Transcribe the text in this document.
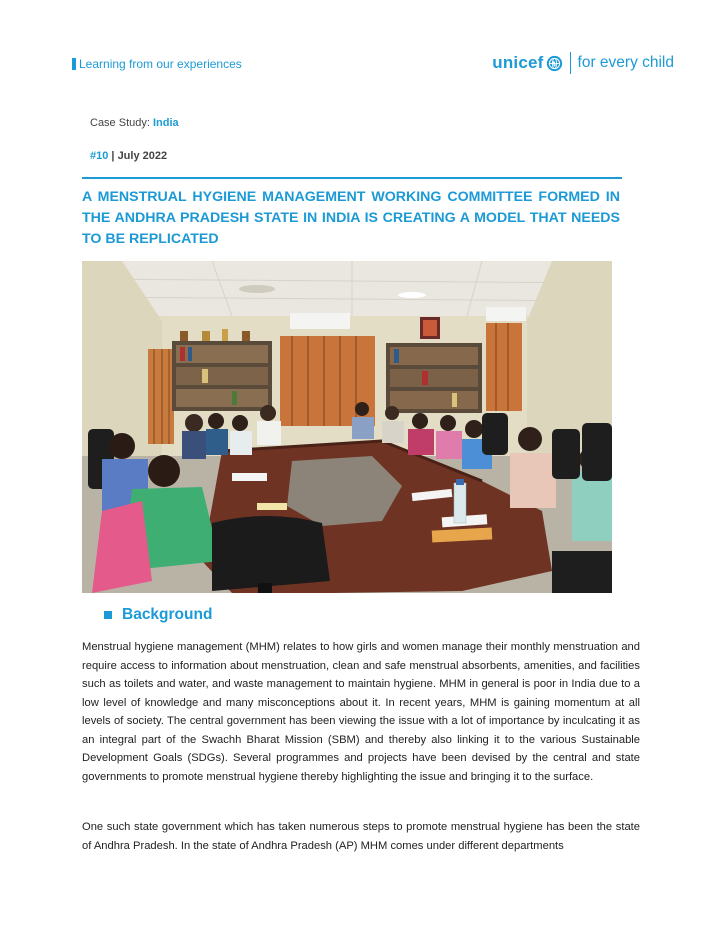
Learning from our experiences	unicef for every child
Case Study: India
#10 | July 2022
A MENSTRUAL HYGIENE MANAGEMENT WORKING COMMITTEE FORMED IN THE ANDHRA PRADESH STATE IN INDIA IS CREATING A MODEL THAT NEEDS TO BE REPLICATED
Background

Menstrual hygiene management (MHM) relates to how girls and women manage their monthly menstruation and require access to information about menstruation, clean and safe menstrual absorbents, amenities, and facilities such as toilets and water, and waste management to maintain hygiene. MHM in general is poor in India due to a low level of knowledge and many misconceptions about it. In recent years, MHM is gaining momentum at all levels of society. The central government has been viewing the issue with a lot of importance by inculcating it as an integral part of the Swachh Bharat Mission (SBM) and thereby also linking it to the various Sustainable Development Goals (SDGs). Several programmes and projects have been devised by the central and state governments to promote menstrual hygiene thereby highlighting the issue and bringing it to the surface.

One such state government which has taken numerous steps to promote menstrual hygiene has been the state of Andhra Pradesh. In the state of Andhra Pradesh (AP) MHM comes under different departments
